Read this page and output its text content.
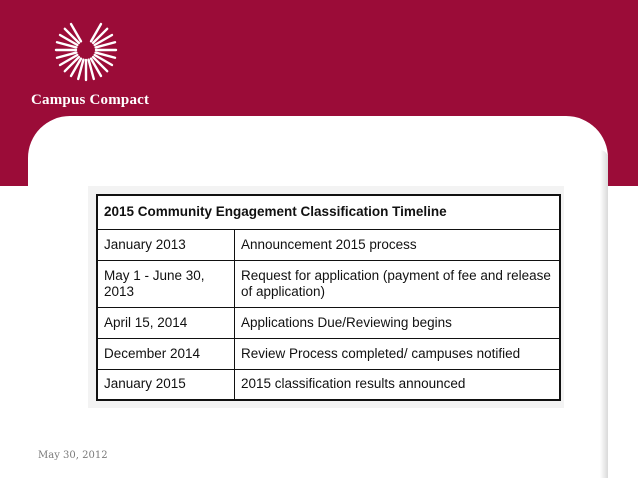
Campus Compact
2015 Community Engagement Classification Timeline	
January 2013	Announcement 2015 process
May 1 - June 30, 2013	Request for application (payment of fee and release of application)
April 15, 2014	Applications Due/Reviewing begins
December 2014	Review Process completed/ campuses notified
January 2015	2015 classification results announced
May 30, 2012
